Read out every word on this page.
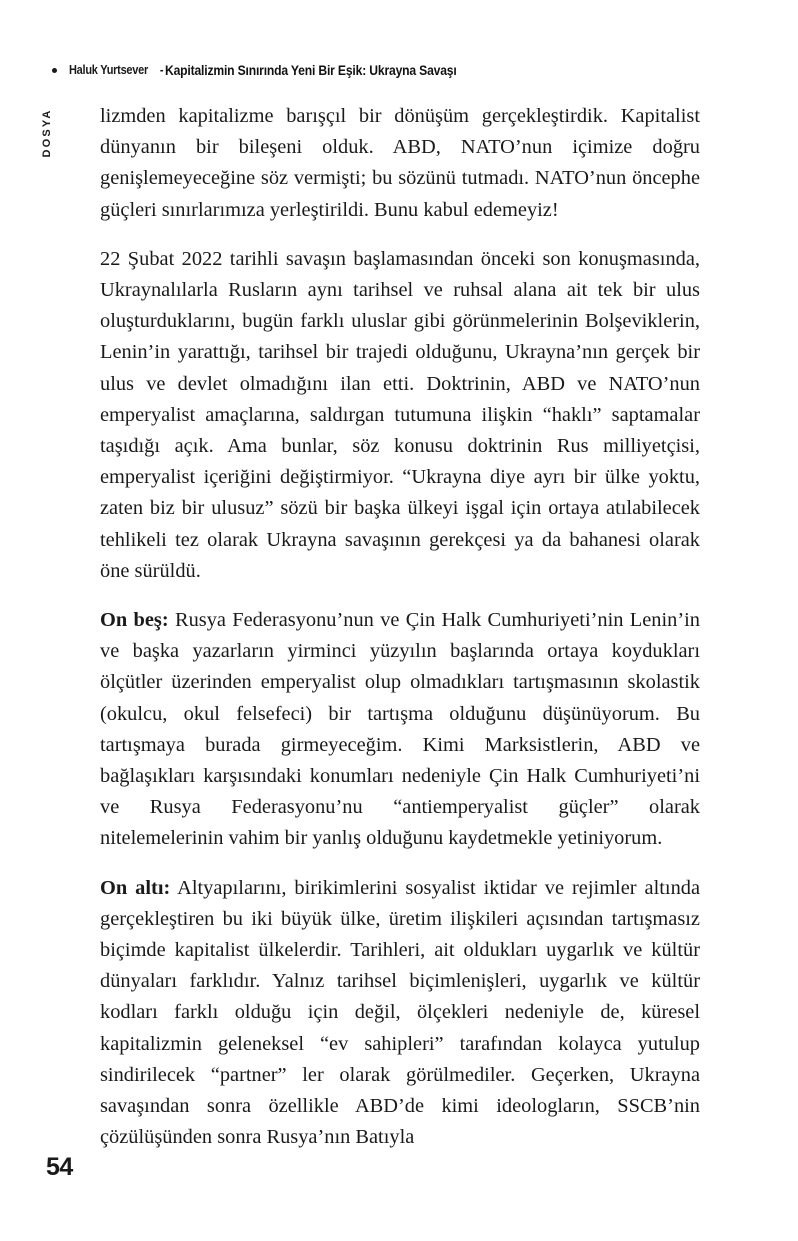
Haluk Yurtsever - Kapitalizmin Sınırında Yeni Bir Eşik: Ukrayna Savaşı
DOSYA lizmden kapitalizme barışçıl bir dönüşüm gerçekleştirdik. Kapitalist dünyanın bir bileşeni olduk. ABD, NATO’nun içimize doğru genişlemeyeceğine söz vermişti; bu sözünü tutmadı. NATO’nun öncephe güçleri sınırlarımıza yerleştirildi. Bunu kabul edemeyiz!

22 Şubat 2022 tarihli savaşın başlamasından önceki son konuşmasında, Ukraynalılarla Rusların aynı tarihsel ve ruhsal alana ait tek bir ulus oluşturduklarını, bugün farklı uluslar gibi görünmelerinin Bolşeviklerin, Lenin’in yarattığı, tarihsel bir trajedi olduğunu, Ukrayna’nın gerçek bir ulus ve devlet olmadığını ilan etti. Doktrinin, ABD ve NATO’nun emperyalist amaçlarına, saldırgan tutumuna ilişkin “haklı” saptamalar taşıdığı açık. Ama bunlar, söz konusu doktrinin Rus milliyetçisi, emperyalist içeriğini değiştirmiyor. “Ukrayna diye ayrı bir ülke yoktu, zaten biz bir ulusuz” sözü bir başka ülkeyi işgal için ortaya atılabilecek tehlikeli tez olarak Ukrayna savaşının gerekçesi ya da bahanesi olarak öne sürüldü.

On beş: Rusya Federasyonu’nun ve Çin Halk Cumhuriyeti’nin Lenin’in ve başka yazarların yirminci yüzyılın başlarında ortaya koydukları ölçütler üzerinden emperyalist olup olmadıkları tartışmasının skolastik (okulcu, okul felsefeci) bir tartışma olduğunu düşünüyorum. Bu tartışmaya burada girmeyeceğim. Kimi Marksistlerin, ABD ve bağlaşıkları karşısındaki konumları nedeniyle Çin Halk Cumhuriyeti’ni ve Rusya Federasyonu’nu “antiemperyalist güçler” olarak nitelemelerinin vahim bir yanlış olduğunu kaydetmekle yetiniyorum.

On altı: Altyapılarını, birikimlerini sosyalist iktidar ve rejimler altında gerçekleştiren bu iki büyük ülke, üretim ilişkileri açısından tartışmasız biçimde kapitalist ülkelerdir. Tarihleri, ait oldukları uygarlık ve kültür dünyaları farklıdır. Yalnız tarihsel biçimlenişleri, uygarlık ve kültür kodları farklı olduğu için değil, ölçekleri nedeniyle de, küresel kapitalizmin geleneksel “ev sahipleri” tarafından kolayca yutulup sindirilecek “partner” ler olarak görülmediler. Geçerken, Ukrayna savaşından sonra özellikle ABD’de kimi ideologların, SSCB’nin çözülüşünden sonra Rusya’nın Batıyla

54
